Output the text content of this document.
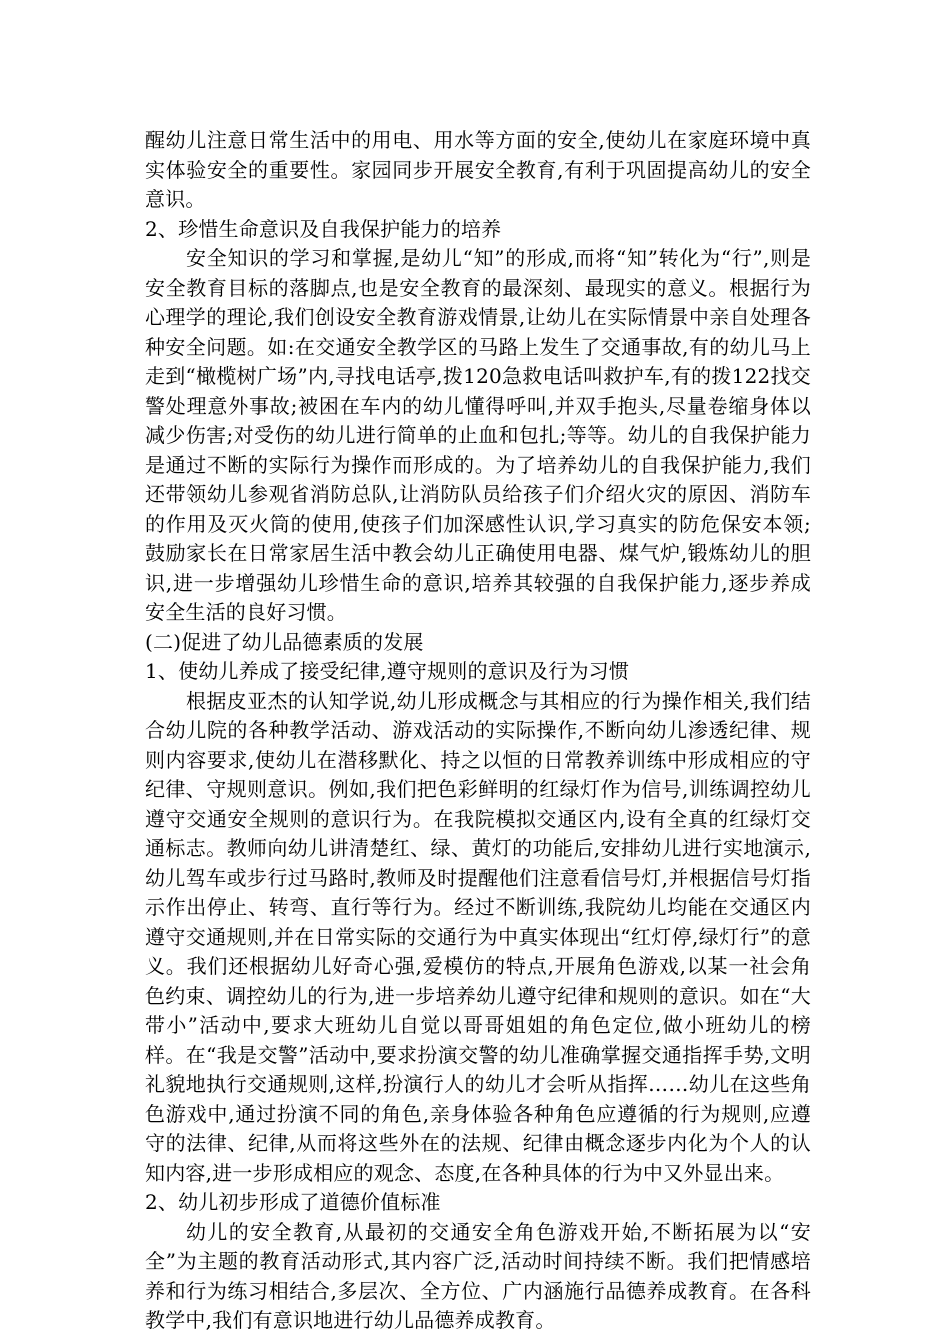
醒幼儿注意日常生活中的用电、用水等方面的安全,使幼儿在家庭环境中真实体验安全的重要性。家园同步开展安全教育,有利于巩固提高幼儿的安全意识。

2、珍惜生命意识及自我保护能力的培养

安全知识的学习和掌握,是幼儿“知”的形成,而将“知”转化为“行”,则是安全教育目标的落脚点,也是安全教育的最深刻、最现实的意义。根据行为心理学的理论,我们创设安全教育游戏情景,让幼儿在实际情景中亲自处理各种安全问题。如:在交通安全教学区的马路上发生了交通事故,有的幼儿马上走到“橄榄树广场”内,寻找电话亭,拨120急救电话叫救护车,有的拨122找交警处理意外事故;被困在车内的幼儿懂得呼叫,并双手抱头,尽量卷缩身体以减少伤害;对受伤的幼儿进行简单的止血和包扎;等等。幼儿的自我保护能力是通过不断的实际行为操作而形成的。为了培养幼儿的自我保护能力,我们还带领幼儿参观省消防总队,让消防队员给孩子们介绍火灾的原因、消防车的作用及灭火筒的使用,使孩子们加深感性认识,学习真实的防危保安本领;鼓励家长在日常家居生活中教会幼儿正确使用电器、煤气炉,锻炼幼儿的胆识,进一步增强幼儿珍惜生命的意识,培养其较强的自我保护能力,逐步养成安全生活的良好习惯。

(二)促进了幼儿品德素质的发展

1、使幼儿养成了接受纪律,遵守规则的意识及行为习惯

根据皮亚杰的认知学说,幼儿形成概念与其相应的行为操作相关,我们结合幼儿院的各种教学活动、游戏活动的实际操作,不断向幼儿渗透纪律、规则内容要求,使幼儿在潜移默化、持之以恒的日常教养训练中形成相应的守纪律、守规则意识。例如,我们把色彩鲜明的红绿灯作为信号,训练调控幼儿遵守交通安全规则的意识行为。在我院模拟交通区内,设有全真的红绿灯交通标志。教师向幼儿讲清楚红、绿、黄灯的功能后,安排幼儿进行实地演示,幼儿驾车或步行过马路时,教师及时提醒他们注意看信号灯,并根据信号灯指示作出停止、转弯、直行等行为。经过不断训练,我院幼儿均能在交通区内遵守交通规则,并在日常实际的交通行为中真实体现出“红灯停,绿灯行”的意义。我们还根据幼儿好奇心强,爱模仿的特点,开展角色游戏,以某一社会角色约束、调控幼儿的行为,进一步培养幼儿遵守纪律和规则的意识。如在“大带小”活动中,要求大班幼儿自觉以哥哥姐姐的角色定位,做小班幼儿的榜样。在“我是交警”活动中,要求扮演交警的幼儿准确掌握交通指挥手势,文明礼貌地执行交通规则,这样,扮演行人的幼儿才会听从指挥……幼儿在这些角色游戏中,通过扮演不同的角色,亲身体验各种角色应遵循的行为规则,应遵守的法律、纪律,从而将这些外在的法规、纪律由概念逐步内化为个人的认知内容,进一步形成相应的观念、态度,在各种具体的行为中又外显出来。

2、幼儿初步形成了道德价值标准

幼儿的安全教育,从最初的交通安全角色游戏开始,不断拓展为以“安全”为主题的教育活动形式,其内容广泛,活动时间持续不断。我们把情感培养和行为练习相结合,多层次、全方位、广内涵施行品德养成教育。在各科教学中,我们有意识地进行幼儿品德养成教育。
